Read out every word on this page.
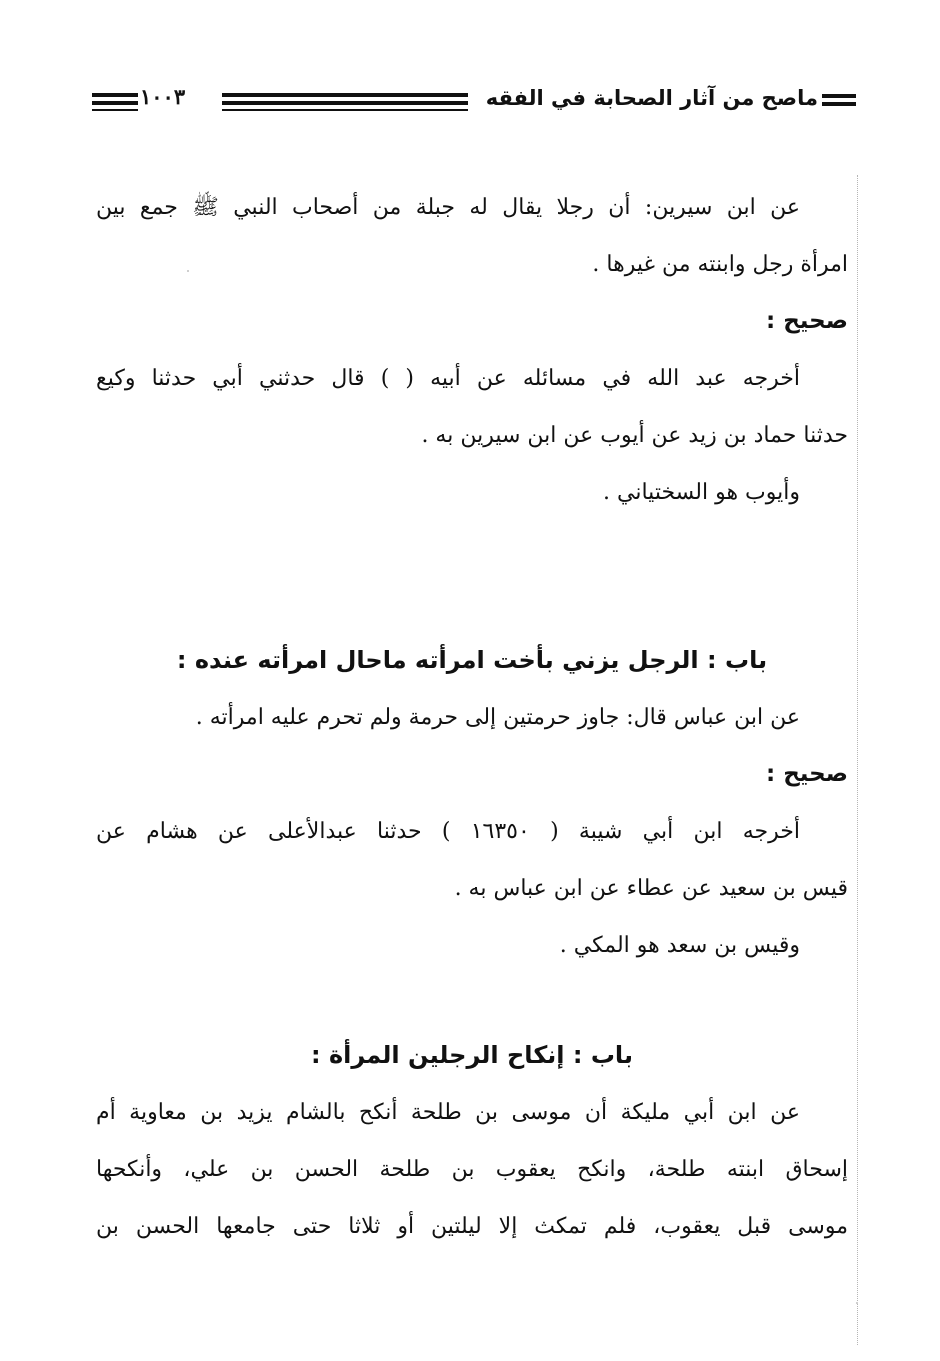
ماصح من آثار الصحابة في الفقه
١٠٠٣
عن ابن سيرين: أن رجلا يقال له جبلة من أصحاب النبي ﷺ جمع بين
امرأة رجل وابنته من غيرها .
صحيح :
أخرجه عبد الله في مسائله عن أبيه ( ) قال حدثني أبي حدثنا وكيع
حدثنا حماد بن زيد عن أيوب عن ابن سيرين به .
وأيوب هو السختياني .
باب : الرجل يزني بأخت امرأته ماحال امرأته عنده :
عن ابن عباس قال: جاوز حرمتين إلى حرمة ولم تحرم عليه امرأته .
صحيح :
أخرجه ابن أبي شيبة ( ١٦٣٥٠ ) حدثنا عبدالأعلى عن هشام عن
قيس بن سعيد عن عطاء عن ابن عباس به .
وقيس بن سعد هو المكي .
باب : إنكاح الرجلين المرأة :
عن ابن أبي مليكة أن موسى بن طلحة أنكح بالشام يزيد بن معاوية أم
إسحاق ابنته طلحة، وانكح يعقوب بن طلحة الحسن بن علي، وأنكحها
موسى قبل يعقوب، فلم تمكث إلا ليلتين أو ثلاثا حتى جامعها الحسن بن
